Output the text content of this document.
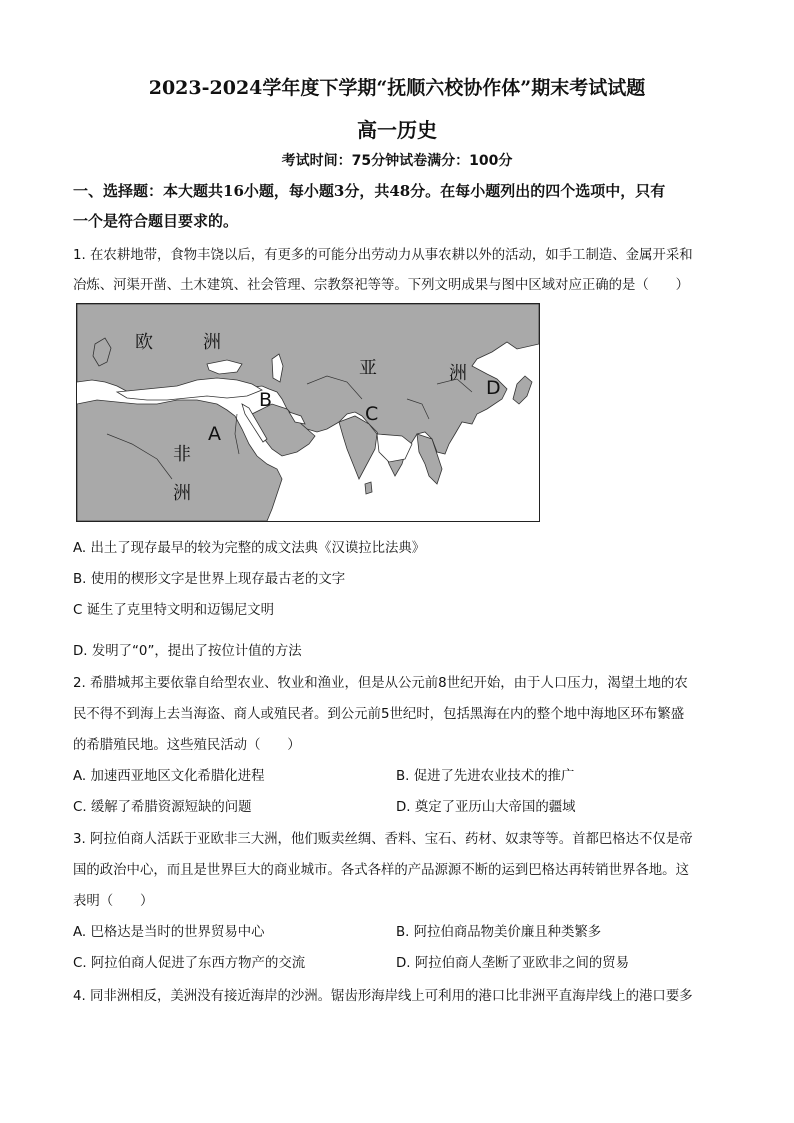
2023-2024学年度下学期“抚顺六校协作体”期末考试试题
高一历史
考试时间：75分钟试卷满分：100分
一、选择题：本大题共16小题，每小题3分，共48分。在每小题列出的四个选项中，只有
一个是符合题目要求的。
1. 在农耕地带，食物丰饶以后，有更多的可能分出劳动力从事农耕以外的活动，如手工制造、金属开采和
冶炼、河渠开凿、土木建筑、社会管理、宗教祭祀等等。下列文明成果与图中区域对应正确的是（　　）
欧	洲
亚	洲
非
洲
A
B
C
D
A. 出土了现存最早的较为完整的成文法典《汉谟拉比法典》
B. 使用的楔形文字是世界上现存最古老的文字
C 诞生了克里特文明和迈锡尼文明
D. 发明了“0”，提出了按位计值的方法
2. 希腊城邦主要依靠自给型农业、牧业和渔业，但是从公元前8世纪开始，由于人口压力，渴望土地的农
民不得不到海上去当海盗、商人或殖民者。到公元前5世纪时，包括黑海在内的整个地中海地区环布繁盛
的希腊殖民地。这些殖民活动（　　）
A. 加速西亚地区文化希腊化进程	B. 促进了先进农业技术的推广
C. 缓解了希腊资源短缺的问题	D. 奠定了亚历山大帝国的疆域
3. 阿拉伯商人活跃于亚欧非三大洲，他们贩卖丝绸、香料、宝石、药材、奴隶等等。首都巴格达不仅是帝
国的政治中心，而且是世界巨大的商业城市。各式各样的产品源源不断的运到巴格达再转销世界各地。这
表明（　　）
A. 巴格达是当时的世界贸易中心	B. 阿拉伯商品物美价廉且种类繁多
C. 阿拉伯商人促进了东西方物产的交流	D. 阿拉伯商人垄断了亚欧非之间的贸易
4. 同非洲相反，美洲没有接近海岸的沙洲。锯齿形海岸线上可利用的港口比非洲平直海岸线上的港口要多
